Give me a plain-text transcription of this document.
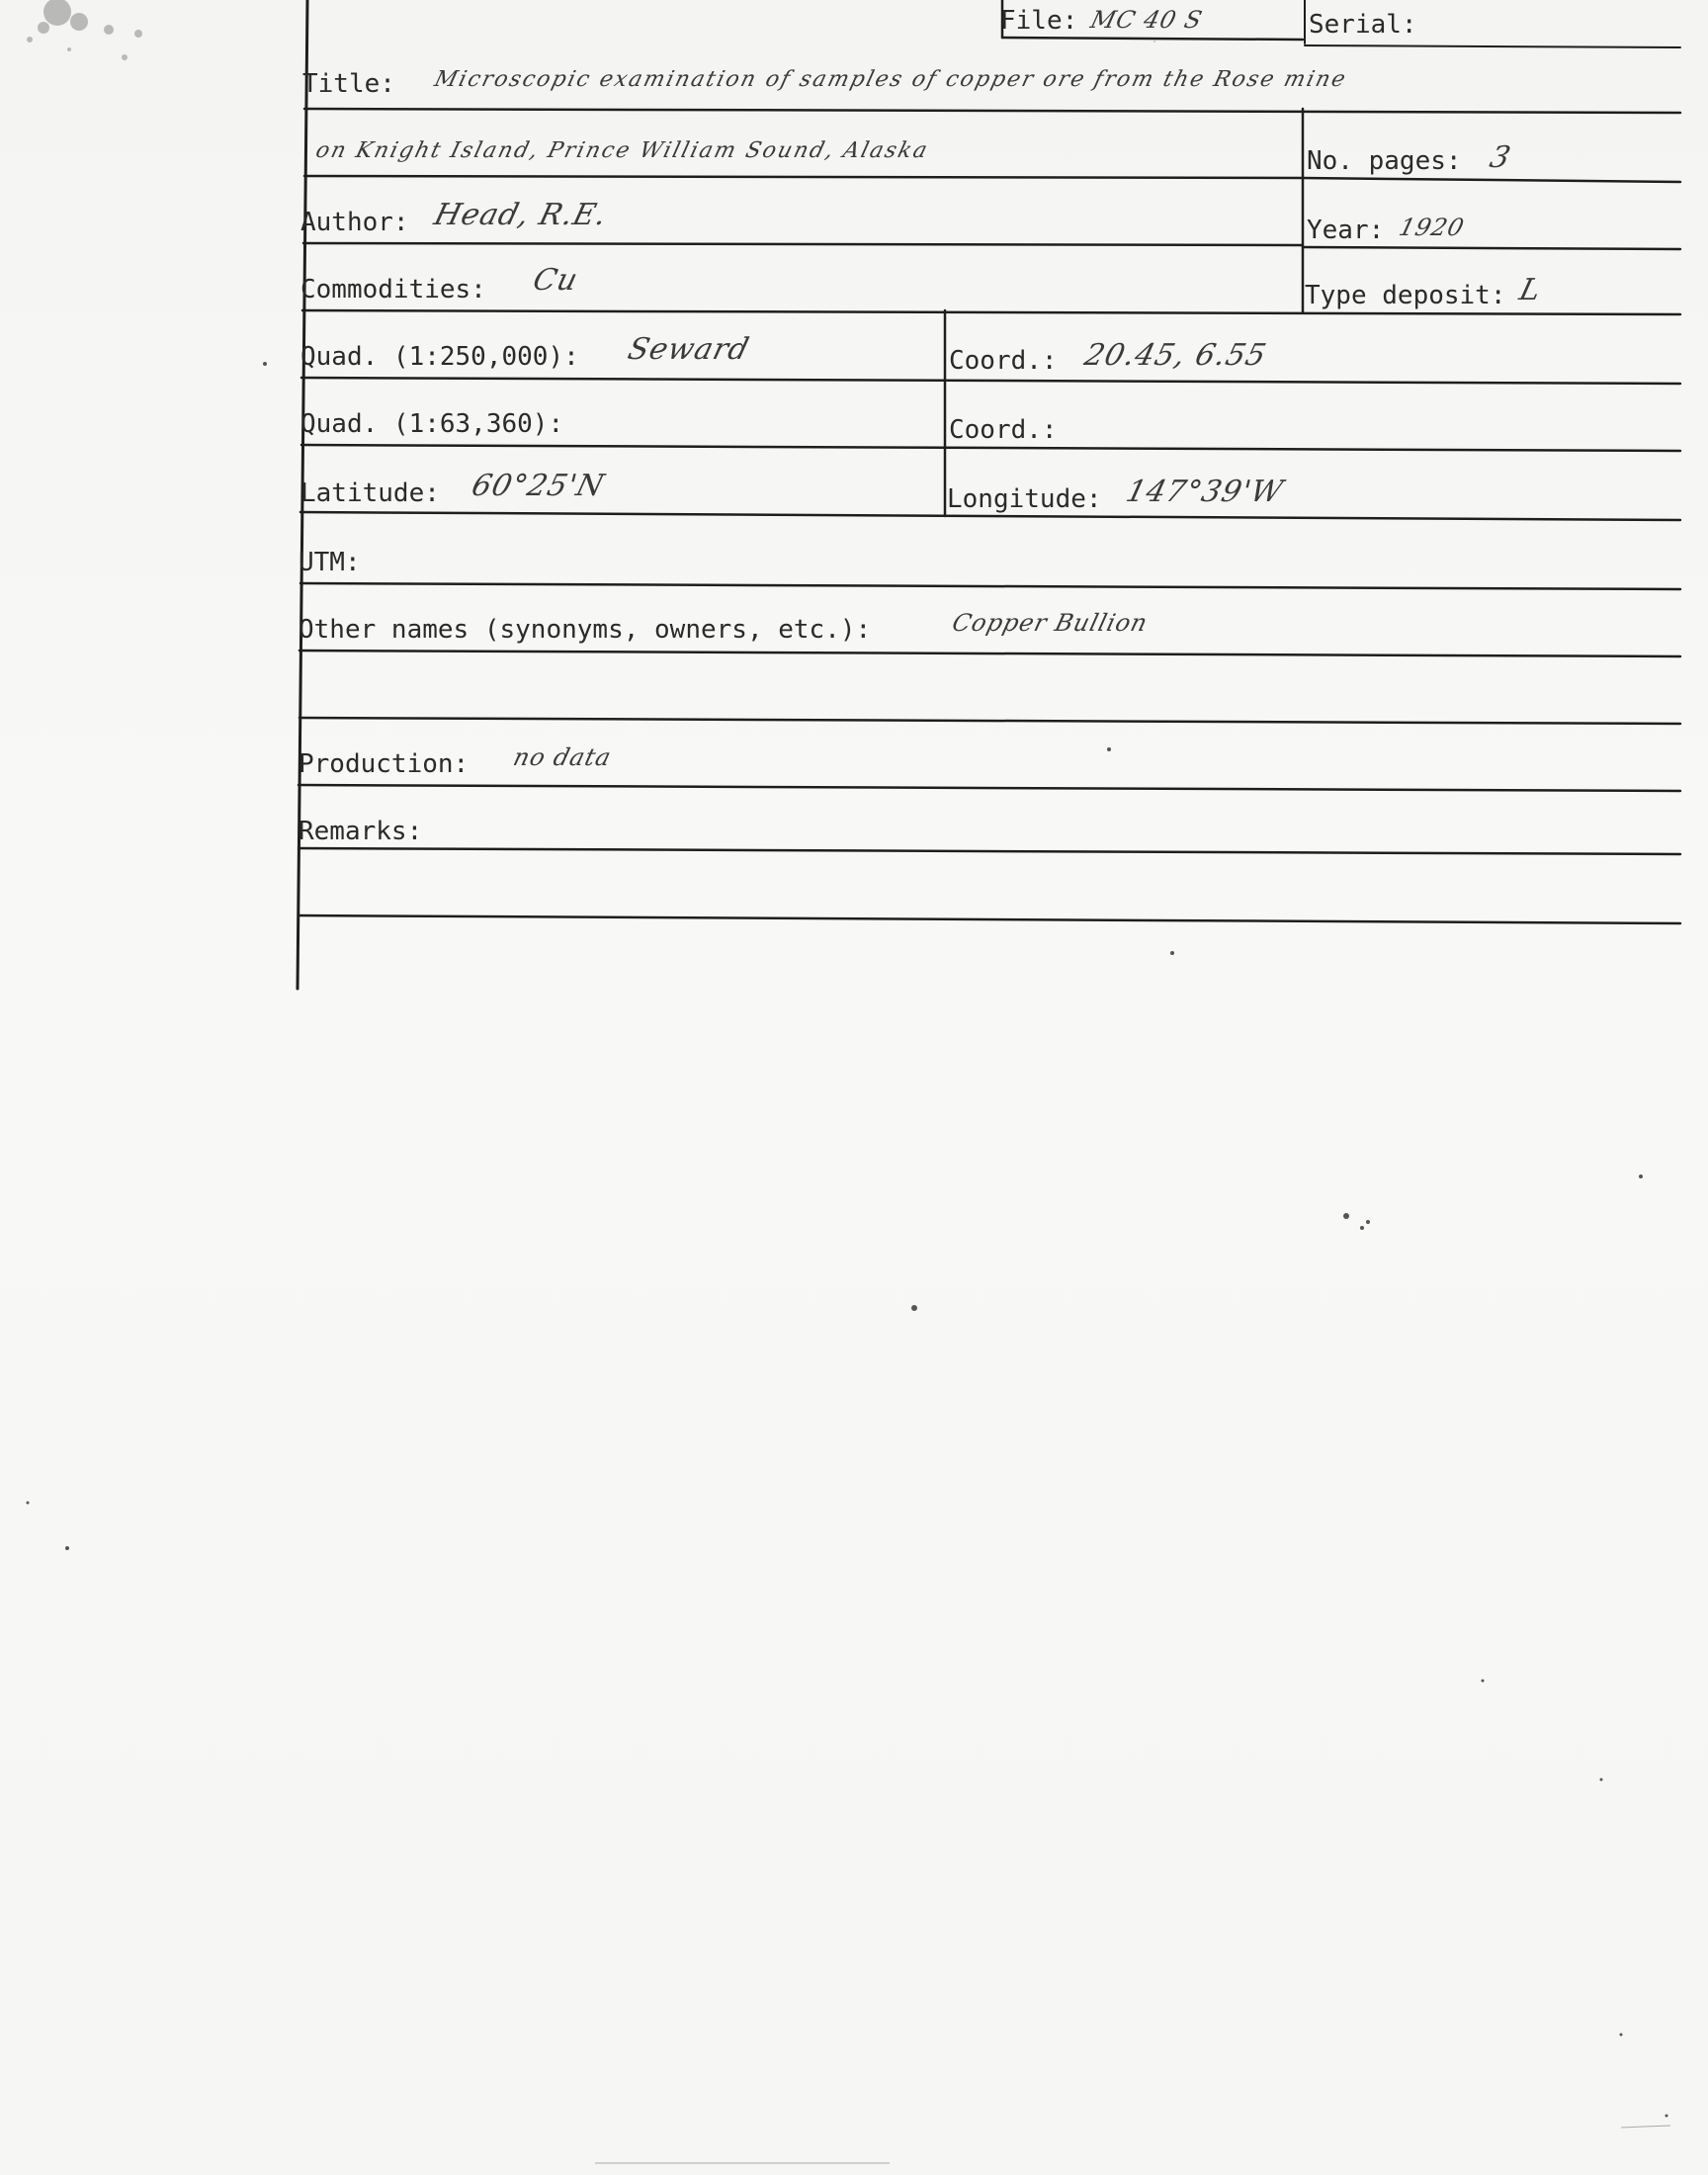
File: MC 40 S	Serial:
Title: Microscopic examination of samples of copper ore from the Rose mine
on Knight Island, Prince William Sound, Alaska	No. pages: 3
Author: Head, R.E.	Year: 1920
Commodities: Cu	Type deposit: L
Quad. (1:250,000): Seward	Coord.: 20.45, 6.55
Quad. (1:63,360):	Coord.:
Latitude: 60°25'N	Longitude: 147°39'W
UTM:
Other names (synonyms, owners, etc.):	Copper Bullion
Production: no data
Remarks:
